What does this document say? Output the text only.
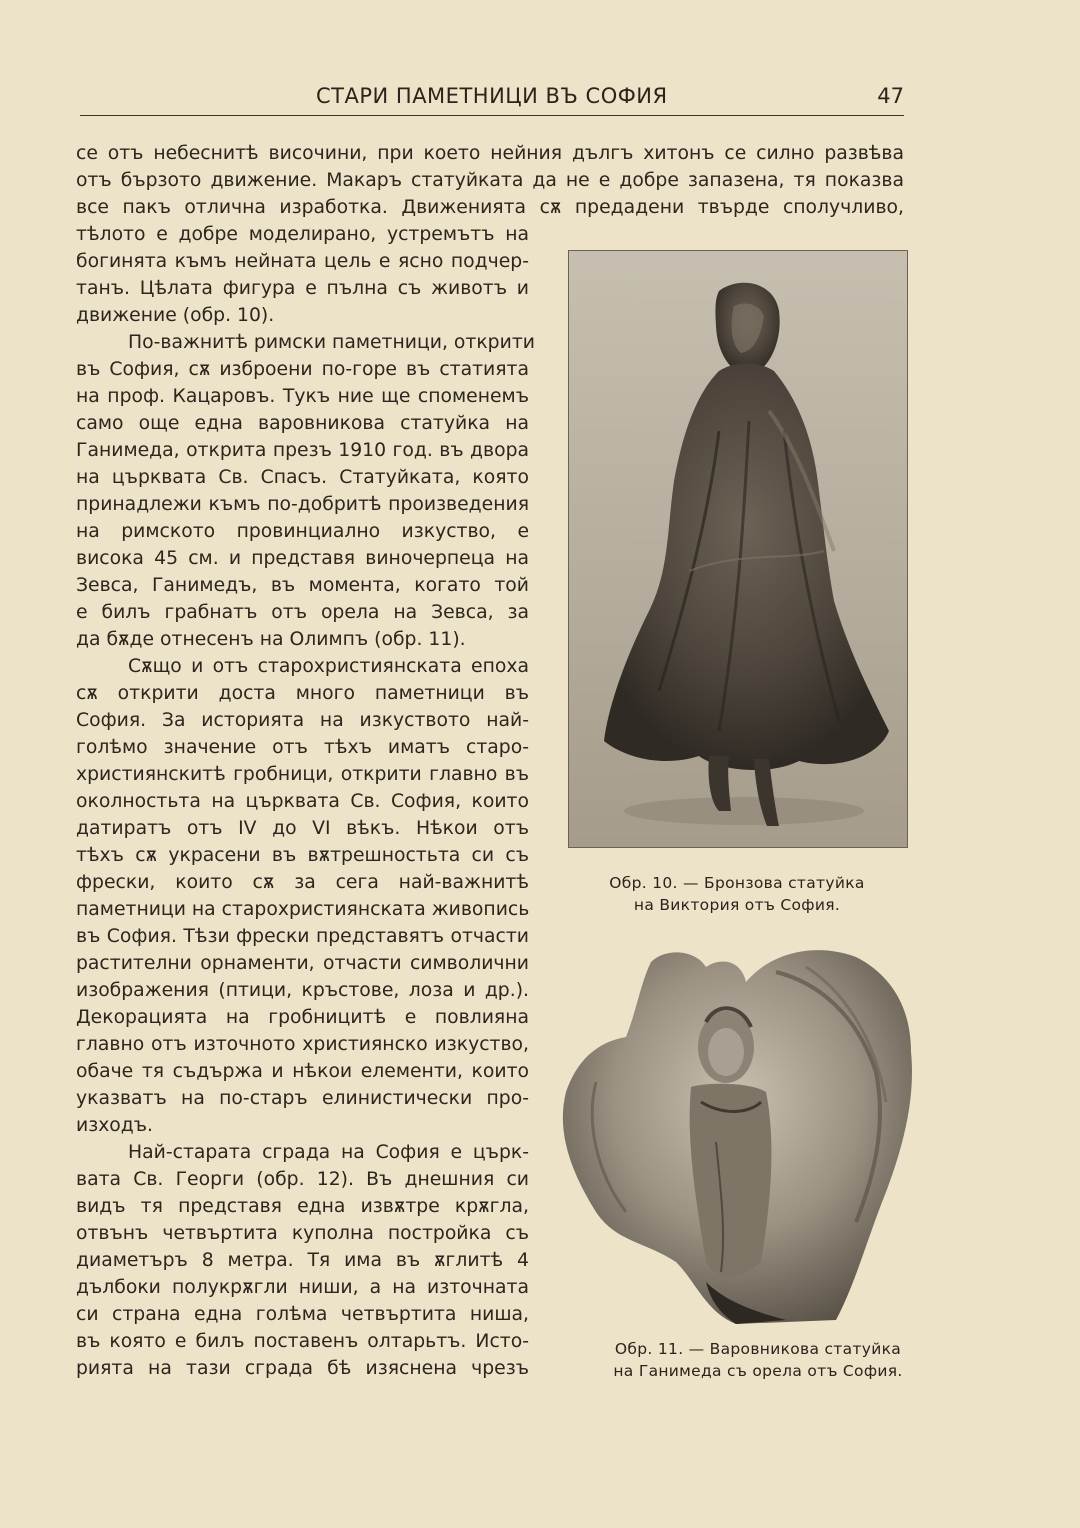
СТАРИ ПАМЕТНИЦИ ВЪ СОФИЯ	47
се отъ небеснитѣ височини, при което нейния дългъ хитонъ се силно развѣва
отъ бързото движение. Макаръ статуйката да не е добре запазена, тя показва
все пакъ отлична изработка. Движенията сѫ предадени твърде сполучливо,
тѣлото е добре моделирано, устремътъ на
богинята къмъ нейната цель е ясно подчер-
танъ. Цѣлата фигура е пълна съ животъ и
движение (обр. 10).
По-важнитѣ римски паметници, открити
въ София, сѫ изброени по-горе въ статията
на проф. Кацаровъ. Тукъ ние ще споменемъ
само още една варовникова статуйка на
Ганимеда, открита презъ 1910 год. въ двора
на църквата Св. Спасъ. Статуйката, която
принадлежи къмъ по-добритѣ произведения
на римското провинциално изкуство, е
висока 45 см. и представя виночерпеца на
Зевса, Ганимедъ, въ момента, когато той
е билъ грабнатъ отъ орела на Зевса, за
да бѫде отнесенъ на Олимпъ (обр. 11).
Сѫщо и отъ старохристиянската епоха
сѫ открити доста много паметници въ
София. За историята на изкуството най-
голѣмо значение отъ тѣхъ иматъ старо-
християнскитѣ гробници, открити главно въ
околностьта на църквата Св. София, които
датиратъ отъ IV до VI вѣкъ. Нѣкои отъ
тѣхъ сѫ украсени въ вѫтрешностьта си съ
фрески, които сѫ за сега най-важнитѣ
паметници на старохристиянската живопись
въ София. Тѣзи фрески представятъ отчасти
растителни орнаменти, отчасти символични
изображения (птици, кръстове, лоза и др.).
Декорацията на гробницитѣ е повлияна
главно отъ източното християнско изкуство,
обаче тя съдържа и нѣкои елементи, които
указватъ на по-старъ елинистически про-
изходъ.
Най-старата сграда на София е църк-
вата Св. Георги (обр. 12). Въ днешния си
видъ тя представя една извѫтре крѫгла,
отвънъ четвъртита куполна постройка съ
диаметъръ 8 метра. Тя има въ ѫглитѣ 4
дълбоки полукрѫгли ниши, а на източната
си страна една голѣма четвъртита ниша,
въ която е билъ поставенъ олтарьтъ. Исто-
рията на тази сграда бѣ изяснена чрезъ
Обр. 10. — Бронзова статуйка
на Виктория отъ София.
Обр. 11. — Варовникова статуйка
на Ганимеда съ орела отъ София.
